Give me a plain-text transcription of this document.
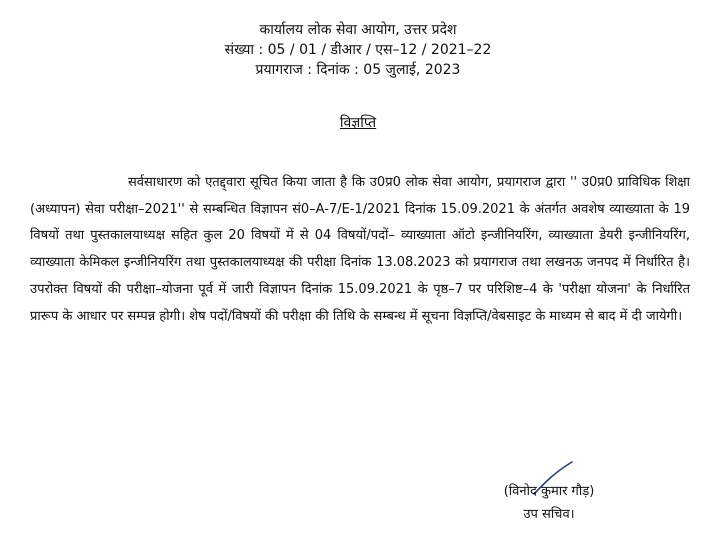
कार्यालय लोक सेवा आयोग, उत्तर प्रदेश
संख्या : 05 / 01 / डीआर / एस–12 / 2021–22
प्रयागराज : दिनांक : 05 जुलाई, 2023
विज्ञप्ति
सर्वसाधारण को एतद्द्वारा सूचित किया जाता है कि उ0प्र0 लोक सेवा आयोग, प्रयागराज द्वारा '' उ0प्र0 प्राविधिक शिक्षा (अध्यापन) सेवा परीक्षा–2021'' से सम्बन्धित विज्ञापन सं0–A-7/E-1/2021 दिनांक 15.09.2021 के अंतर्गत अवशेष व्याख्याता के 19 विषयों तथा पुस्तकालयाध्यक्ष सहित कुल 20 विषयों में से 04 विषयों/पदों– व्याख्याता ऑटो इन्जीनियरिंग, व्याख्याता डेयरी इन्जीनियरिंग, व्याख्याता केमिकल इन्जीनियरिंग तथा पुस्तकालयाध्यक्ष की परीक्षा दिनांक 13.08.2023 को प्रयागराज तथा लखनऊ जनपद में निर्धारित है। उपरोक्त विषयों की परीक्षा–योजना पूर्व में जारी विज्ञापन दिनांक 15.09.2021 के पृष्ठ–7 पर परिशिष्ट–4 के 'परीक्षा योजना' के निर्धारित प्रारूप के आधार पर सम्पन्न होगी। शेष पदों/विषयों की परीक्षा की तिथि के सम्बन्ध में सूचना विज्ञप्ति/वेबसाइट के माध्यम से बाद में दी जायेगी।
(विनोद कुमार गौड़)
उप सचिव।
